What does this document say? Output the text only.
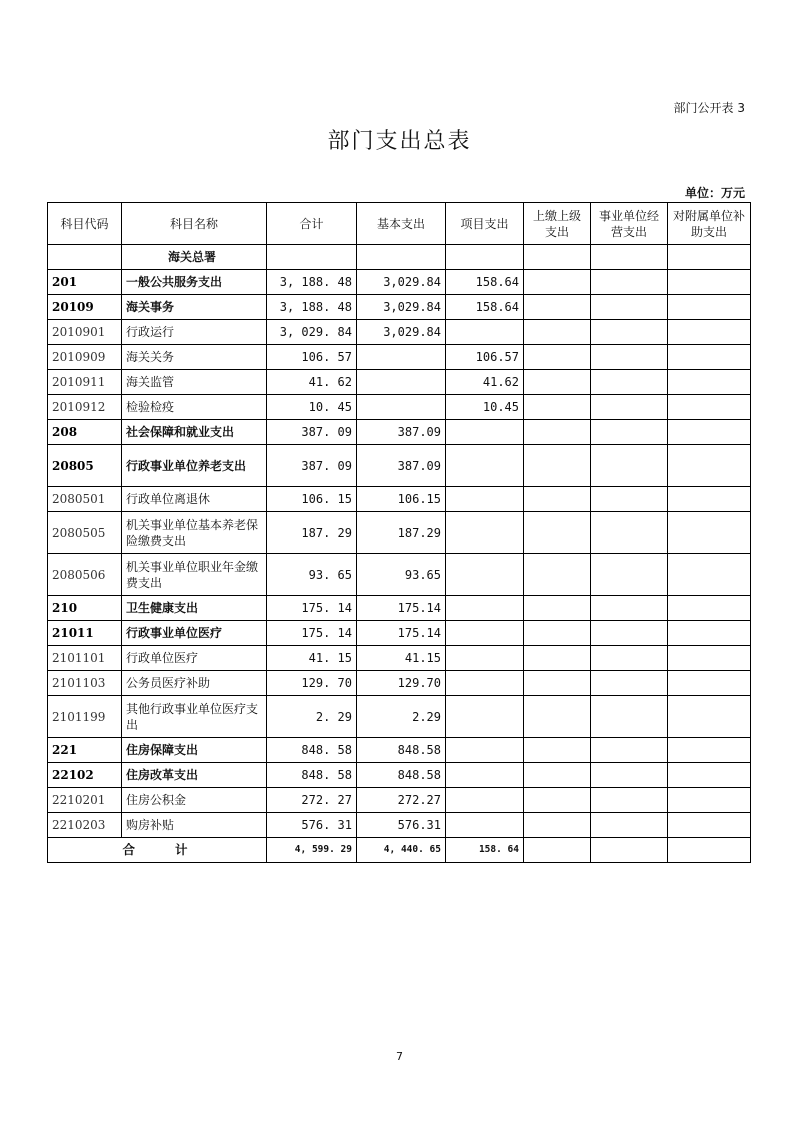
部门公开表 3
部门支出总表
单位：万元
科目代码	科目名称	合计	基本支出	项目支出	上缴上级支出	事业单位经营支出	对附属单位补助支出
	海关总署						
201	一般公共服务支出	3, 188. 48	3,029.84	158.64			
20109	海关事务	3, 188. 48	3,029.84	158.64			
2010901	行政运行	3, 029. 84	3,029.84				
2010909	海关关务	106. 57		106.57			
2010911	海关监管	41. 62		41.62			
2010912	检验检疫	10. 45		10.45			
208	社会保障和就业支出	387. 09	387.09				
20805	行政事业单位养老支出	387. 09	387.09				
2080501	行政单位离退休	106. 15	106.15				
2080505	机关事业单位基本养老保险缴费支出	187. 29	187.29				
2080506	机关事业单位职业年金缴费支出	93. 65	93.65				
210	卫生健康支出	175. 14	175.14				
21011	行政事业单位医疗	175. 14	175.14				
2101101	行政单位医疗	41. 15	41.15				
2101103	公务员医疗补助	129. 70	129.70				
2101199	其他行政事业单位医疗支出	2. 29	2.29				
221	住房保障支出	848. 58	848.58				
22102	住房改革支出	848. 58	848.58				
2210201	住房公积金	272. 27	272.27				
2210203	购房补贴	576. 31	576.31				
合计		4, 599. 29	4, 440. 65	158. 64			
7
